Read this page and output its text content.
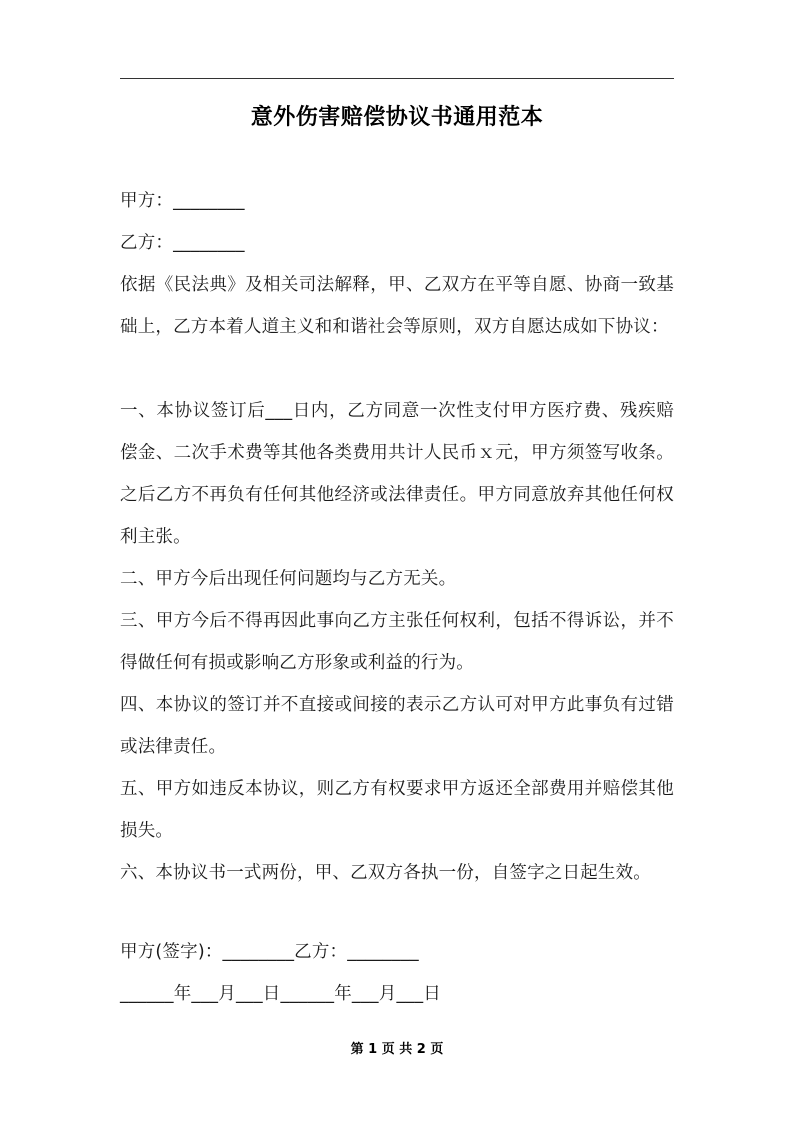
意外伤害赔偿协议书通用范本

甲方：________

乙方：________

依据《民法典》及相关司法解释，甲、乙双方在平等自愿、协商一致基础上，乙方本着人道主义和和谐社会等原则，双方自愿达成如下协议：

一、本协议签订后___日内，乙方同意一次性支付甲方医疗费、残疾赔偿金、二次手术费等其他各类费用共计人民币ｘ元，甲方须签写收条。之后乙方不再负有任何其他经济或法律责任。甲方同意放弃其他任何权利主张。

二、甲方今后出现任何问题均与乙方无关。

三、甲方今后不得再因此事向乙方主张任何权利，包括不得诉讼，并不得做任何有损或影响乙方形象或利益的行为。

四、本协议的签订并不直接或间接的表示乙方认可对甲方此事负有过错或法律责任。

五、甲方如违反本协议，则乙方有权要求甲方返还全部费用并赔偿其他损失。

六、本协议书一式两份，甲、乙双方各执一份，自签字之日起生效。

甲方(签字)：________乙方：________

______年___月___日______年___月___日

第 1 页 共 2 页
